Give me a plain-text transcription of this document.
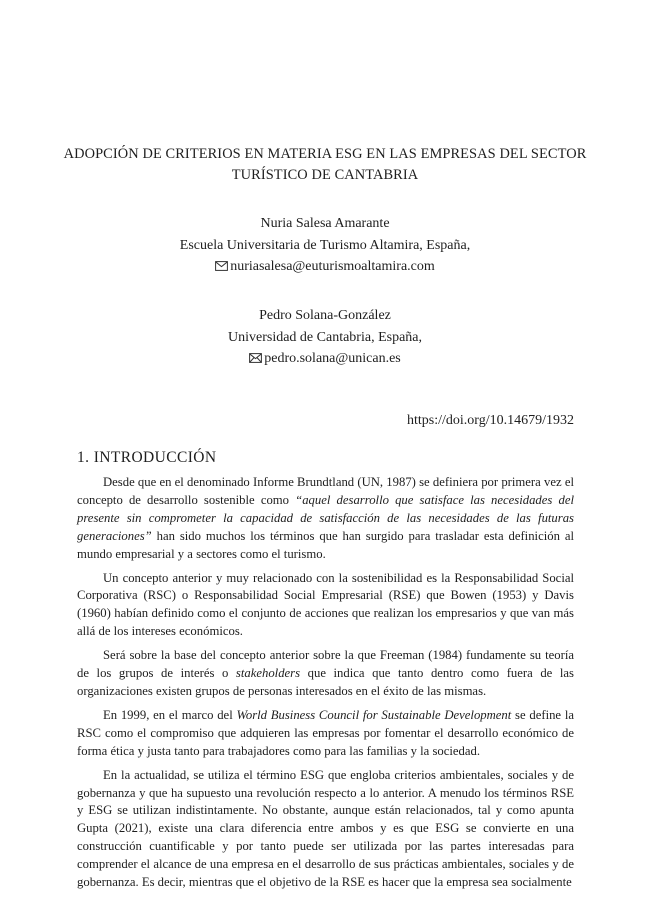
ADOPCIÓN DE CRITERIOS EN MATERIA ESG EN LAS EMPRESAS DEL SECTOR TURÍSTICO DE CANTABRIA
Nuria Salesa Amarante
Escuela Universitaria de Turismo Altamira, España,
nuriasalesa@euturismoaltamira.com
Pedro Solana-González
Universidad de Cantabria, España,
pedro.solana@unican.es
https://doi.org/10.14679/1932
1. INTRODUCCIÓN

Desde que en el denominado Informe Brundtland (UN, 1987) se definiera por primera vez el concepto de desarrollo sostenible como “aquel desarrollo que satisface las necesidades del presente sin comprometer la capacidad de satisfacción de las necesidades de las futuras generaciones” han sido muchos los términos que han surgido para trasladar esta definición al mundo empresarial y a sectores como el turismo.

Un concepto anterior y muy relacionado con la sostenibilidad es la Responsabilidad Social Corporativa (RSC) o Responsabilidad Social Empresarial (RSE) que Bowen (1953) y Davis (1960) habían definido como el conjunto de acciones que realizan los empresarios y que van más allá de los intereses económicos.

Será sobre la base del concepto anterior sobre la que Freeman (1984) fundamente su teoría de los grupos de interés o stakeholders que indica que tanto dentro como fuera de las organizaciones existen grupos de personas interesados en el éxito de las mismas.

En 1999, en el marco del World Business Council for Sustainable Development se define la RSC como el compromiso que adquieren las empresas por fomentar el desarrollo económico de forma ética y justa tanto para trabajadores como para las familias y la sociedad.

En la actualidad, se utiliza el término ESG que engloba criterios ambientales, sociales y de gobernanza y que ha supuesto una revolución respecto a lo anterior. A menudo los términos RSE y ESG se utilizan indistintamente. No obstante, aunque están relacionados, tal y como apunta Gupta (2021), existe una clara diferencia entre ambos y es que ESG se convierte en una construcción cuantificable y por tanto puede ser utilizada por las partes interesadas para comprender el alcance de una empresa en el desarrollo de sus prácticas ambientales, sociales y de gobernanza. Es decir, mientras que el objetivo de la RSE es hacer que la empresa sea socialmente
